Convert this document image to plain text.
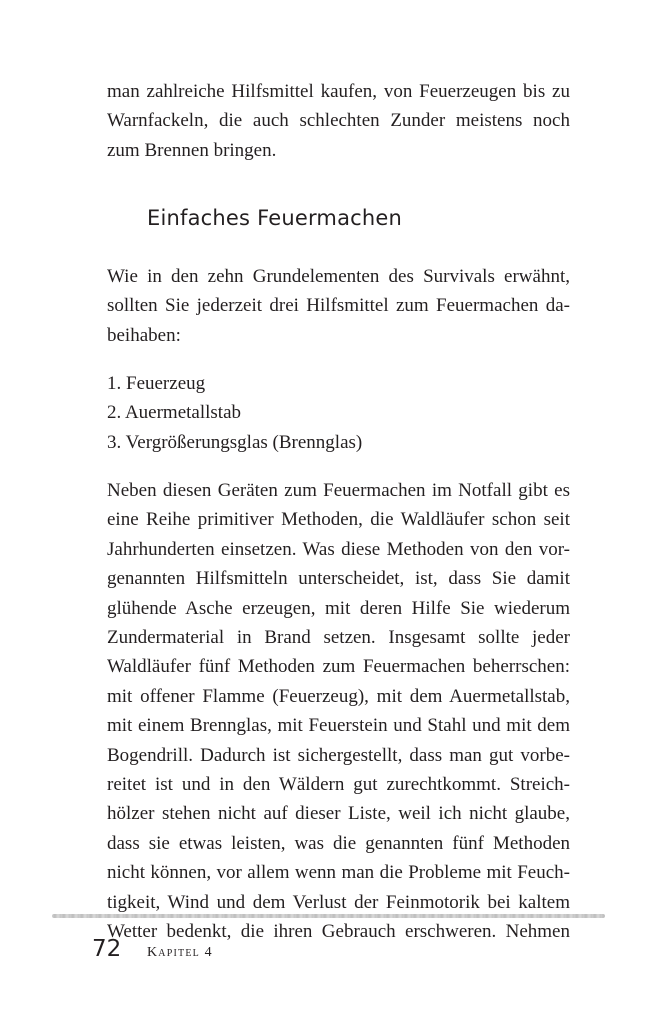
man zahlreiche Hilfsmittel kaufen, von Feuerzeugen bis zu
Warnfackeln, die auch schlechten Zunder meistens noch
zum Brennen bringen.
Einfaches Feuermachen
Wie in den zehn Grundelementen des Survivals erwähnt,
sollten Sie jederzeit drei Hilfsmittel zum Feuermachen da-
beihaben:
1. Feuerzeug
2. Auermetallstab
3. Vergrößerungsglas (Brennglas)
Neben diesen Geräten zum Feuermachen im Notfall gibt es
eine Reihe primitiver Methoden, die Waldläufer schon seit
Jahrhunderten einsetzen. Was diese Methoden von den vor-
genannten Hilfsmitteln unterscheidet, ist, dass Sie damit
glühende Asche erzeugen, mit deren Hilfe Sie wiederum
Zundermaterial in Brand setzen. Insgesamt sollte jeder
Waldläufer fünf Methoden zum Feuermachen beherrschen:
mit offener Flamme (Feuerzeug), mit dem Auermetallstab,
mit einem Brennglas, mit Feuerstein und Stahl und mit dem
Bogendrill. Dadurch ist sichergestellt, dass man gut vorbe-
reitet ist und in den Wäldern gut zurechtkommt. Streich-
hölzer stehen nicht auf dieser Liste, weil ich nicht glaube,
dass sie etwas leisten, was die genannten fünf Methoden
nicht können, vor allem wenn man die Probleme mit Feuch-
tigkeit, Wind und dem Verlust der Feinmotorik bei kaltem
Wetter bedenkt, die ihren Gebrauch erschweren. Nehmen
72 Kapitel 4
